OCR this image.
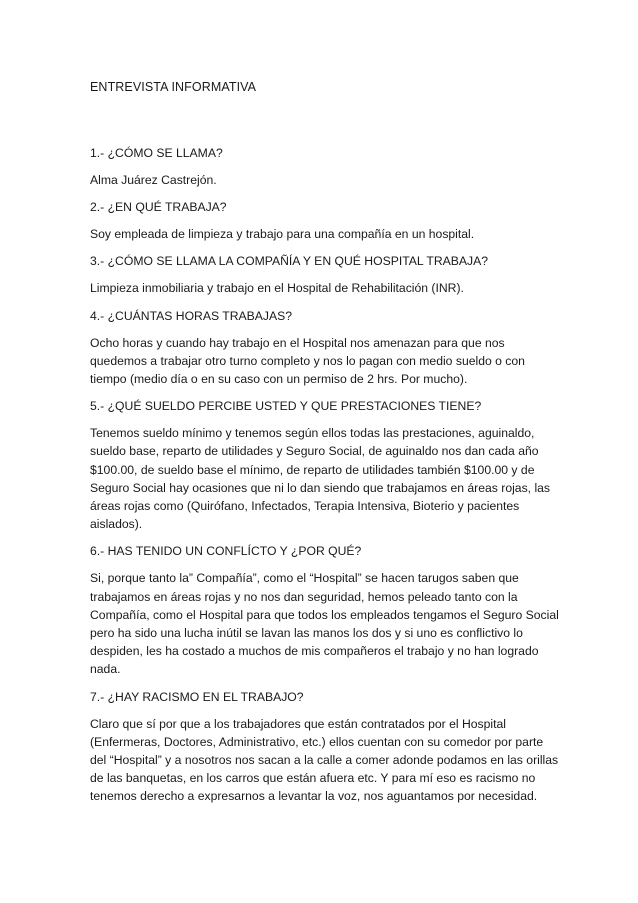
ENTREVISTA INFORMATIVA

1.- ¿CÓMO SE LLAMA?

Alma Juárez Castrejón.

2.- ¿EN QUÉ TRABAJA?

Soy empleada de limpieza y trabajo para una compañía en un hospital.

3.- ¿CÓMO SE LLAMA LA COMPAÑÍA Y EN QUÉ HOSPITAL TRABAJA?

Limpieza inmobiliaria y trabajo en el Hospital de Rehabilitación (INR).

4.- ¿CUÁNTAS HORAS TRABAJAS?

Ocho horas y cuando hay trabajo en el Hospital nos amenazan para que nos
quedemos a trabajar otro turno completo y nos lo pagan con medio sueldo o con
tiempo (medio día o en su caso con un permiso de 2 hrs. Por mucho).

5.- ¿QUÉ SUELDO PERCIBE USTED Y QUE PRESTACIONES TIENE?

Tenemos sueldo mínimo y tenemos según ellos todas las prestaciones, aguinaldo,
sueldo base, reparto de utilidades y Seguro Social, de aguinaldo nos dan cada año
$100.00, de sueldo base el mínimo, de reparto de utilidades también $100.00 y de
Seguro Social hay ocasiones que ni lo dan siendo que trabajamos en áreas rojas, las
áreas rojas como (Quirófano, Infectados, Terapia Intensiva, Bioterio y pacientes
aislados).

6.- HAS TENIDO UN CONFLÍCTO Y ¿POR QUÉ?

Si, porque tanto la” Compañía”, como el “Hospital” se hacen tarugos saben que
trabajamos en áreas rojas y no nos dan seguridad, hemos peleado tanto con la
Compañía, como el Hospital para que todos los empleados tengamos el Seguro Social
pero ha sido una lucha inútil se lavan las manos los dos y si uno es conflictivo lo
despiden, les ha costado a muchos de mis compañeros el trabajo y no han logrado
nada.

7.- ¿HAY RACISMO EN EL TRABAJO?

Claro que sí por que a los trabajadores que están contratados por el Hospital
(Enfermeras, Doctores, Administrativo, etc.) ellos cuentan con su comedor por parte
del “Hospital” y a nosotros nos sacan a la calle a comer adonde podamos en las orillas
de las banquetas, en los carros que están afuera etc. Y para mí eso es racismo no
tenemos derecho a expresarnos a levantar la voz, nos aguantamos por necesidad.
